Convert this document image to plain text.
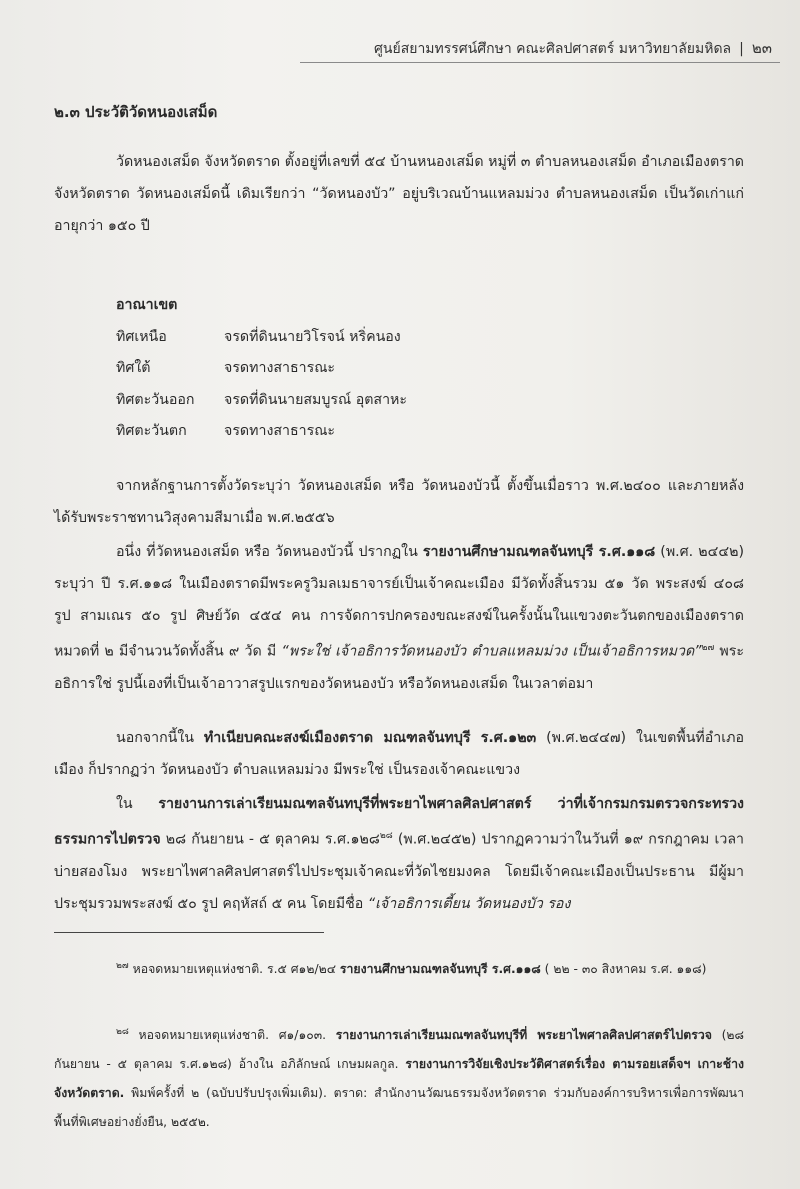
ศูนย์สยามทรรศน์ศึกษา คณะศิลปศาสตร์ มหาวิทยาลัยมหิดล | ๒๓
๒.๓ ประวัติวัดหนองเสม็ด
วัดหนองเสม็ด จังหวัดตราด ตั้งอยู่ที่เลขที่ ๕๔ บ้านหนองเสม็ด หมู่ที่ ๓ ตำบลหนองเสม็ด อำเภอเมืองตราด จังหวัดตราด วัดหนองเสม็ดนี้ เดิมเรียกว่า “วัดหนองบัว” อยู่บริเวณบ้านแหลมม่วง ตำบลหนองเสม็ด เป็นวัดเก่าแก่อายุกว่า ๑๕๐ ปี
อาณาเขต
ทิศเหนือ	จรดที่ดินนายวิโรจน์ หริ่คนอง
ทิศใต้	จรดทางสาธารณะ
ทิศตะวันออก	จรดที่ดินนายสมบูรณ์ อุตสาหะ
ทิศตะวันตก	จรดทางสาธารณะ
จากหลักฐานการตั้งวัดระบุว่า วัดหนองเสม็ด หรือ วัดหนองบัวนี้ ตั้งขึ้นเมื่อราว พ.ศ.๒๔๐๐ และภายหลังได้รับพระราชทานวิสุงคามสีมาเมื่อ พ.ศ.๒๕๕๖
อนึ่ง ที่วัดหนองเสม็ด หรือ วัดหนองบัวนี้ ปรากฏใน รายงานศึกษามณฑลจันทบุรี ร.ศ.๑๑๘ (พ.ศ. ๒๔๔๒) ระบุว่า ปี ร.ศ.๑๑๘ ในเมืองตราดมีพระครูวิมลเมธาจารย์เป็นเจ้าคณะเมือง มีวัดทั้งสิ้นรวม ๕๑ วัด พระสงฆ์ ๔๐๘ รูป สามเณร ๕๐ รูป ศิษย์วัด ๔๕๔ คน การจัดการปกครองขณะสงฆ์ในครั้งนั้นในแขวงตะวันตกของเมืองตราด หมวดที่ ๒ มีจำนวนวัดทั้งสิ้น ๙ วัด มี “พระใช่ เจ้าอธิการวัดหนองบัว ตำบลแหลมม่วง เป็นเจ้าอธิการหมวด”$^{๒๗}$ พระอธิการใช่ รูปนี้เองที่เป็นเจ้าอาวาสรูปแรกของวัดหนองบัว หรือวัดหนองเสม็ด ในเวลาต่อมา
นอกจากนี้ใน ทำเนียบคณะสงฆ์เมืองตราด มณฑลจันทบุรี ร.ศ.๑๒๓ (พ.ศ.๒๔๔๗) ในเขตพื้นที่อำเภอเมือง ก็ปรากฏว่า วัดหนองบัว ตำบลแหลมม่วง มีพระใช่ เป็นรองเจ้าคณะแขวง
ใน รายงานการเล่าเรียนมณฑลจันทบุรีที่พระยาไพศาลศิลปศาสตร์ ว่าที่เจ้ากรมกรมตรวจกระทรวงธรรมการไปตรวจ ๒๘ กันยายน - ๕ ตุลาคม ร.ศ.๑๒๘$^{๒๘}$ (พ.ศ.๒๔๕๒) ปรากฏความว่าในวันที่ ๑๙ กรกฎาคม เวลาบ่ายสองโมง พระยาไพศาลศิลปศาสตร์ไปประชุมเจ้าคณะที่วัดไชยมงคล โดยมีเจ้าคณะเมืองเป็นประธาน มีผู้มาประชุมรวมพระสงฆ์ ๕๐ รูป คฤหัสถ์ ๕ คน โดยมีชื่อ “เจ้าอธิการเตี้ยน วัดหนองบัว รอง
$^{๒๗}$ หอจดหมายเหตุแห่งชาติ. ร.๕ ศ๑๒/๒๔ รายงานศึกษามณฑลจันทบุรี ร.ศ.๑๑๘ ( ๒๒ - ๓๐ สิงหาคม ร.ศ. ๑๑๘)
$^{๒๘}$ หอจดหมายเหตุแห่งชาติ. ศ๑/๑๐๓. รายงานการเล่าเรียนมณฑลจันทบุรีที่ พระยาไพศาลศิลปศาสตร์ไปตรวจ (๒๘ กันยายน - ๕ ตุลาคม ร.ศ.๑๒๘) อ้างใน อภิลักษณ์ เกษมผลกูล. รายงานการวิจัยเชิงประวัติศาสตร์เรื่อง ตามรอยเสด็จฯ เกาะช้าง จังหวัดตราด. พิมพ์ครั้งที่ ๒ (ฉบับปรับปรุงเพิ่มเติม). ตราด: สำนักงานวัฒนธรรมจังหวัดตราด ร่วมกับองค์การบริหารเพื่อการพัฒนาพื้นที่พิเศษอย่างยั่งยืน, ๒๕๕๒.
